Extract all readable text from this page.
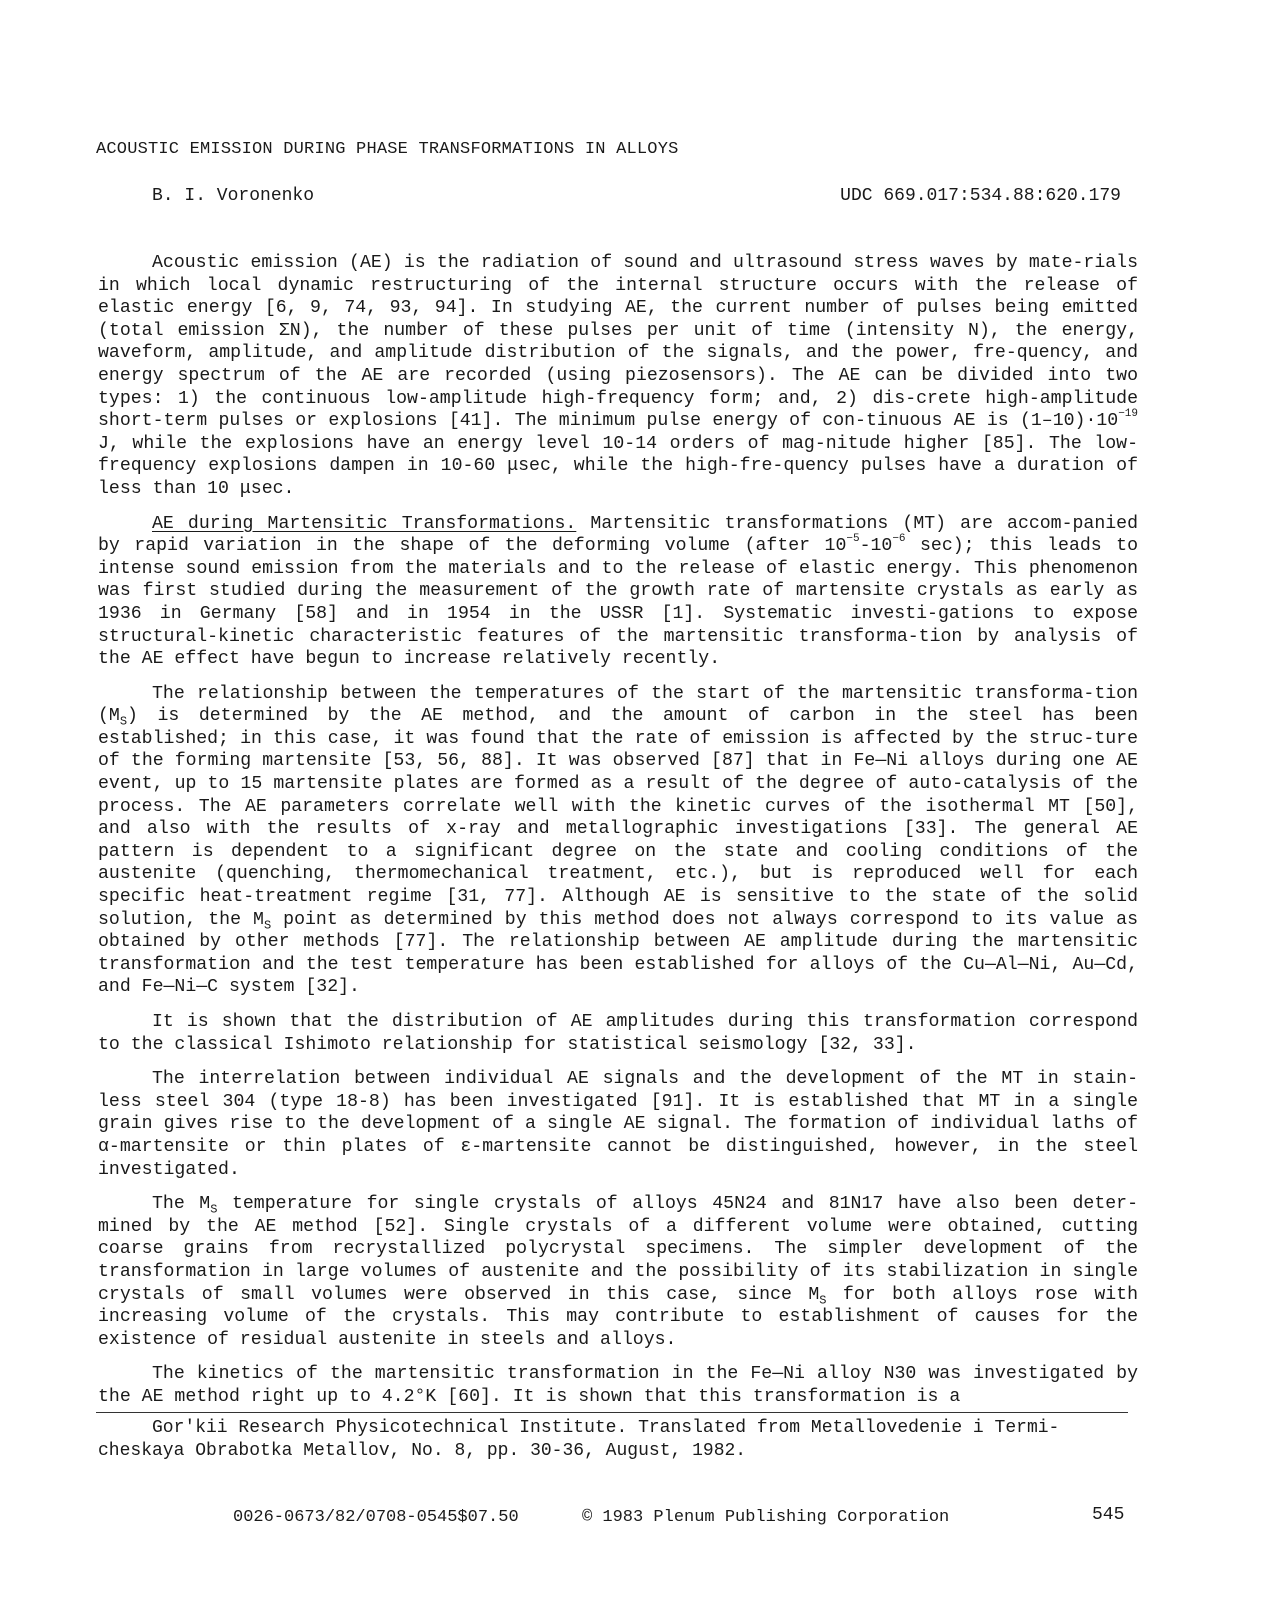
ACOUSTIC EMISSION DURING PHASE TRANSFORMATIONS IN ALLOYS
B. I. Voronenko	UDC 669.017:534.88:620.179

Acoustic emission (AE) is the radiation of sound and ultrasound stress waves by mate-rials in which local dynamic restructuring of the internal structure occurs with the release of elastic energy [6, 9, 74, 93, 94]. In studying AE, the current number of pulses being emitted (total emission ΣN), the number of these pulses per unit of time (intensity N), the energy, waveform, amplitude, and amplitude distribution of the signals, and the power, fre-quency, and energy spectrum of the AE are recorded (using piezosensors). The AE can be divided into two types: 1) the continuous low-amplitude high-frequency form; and, 2) dis-crete high-amplitude short-term pulses or explosions [41]. The minimum pulse energy of con-tinuous AE is $(1-10)\cdot 10^{-19}$ J, while the explosions have an energy level 10-14 orders of mag-nitude higher [85]. The low-frequency explosions dampen in 10-60 μsec, while the high-fre-quency pulses have a duration of less than 10 μsec.

AE during Martensitic Transformations. Martensitic transformations (MT) are accom-panied by rapid variation in the shape of the deforming volume (after $10^{-5}-10^{-6}$ sec); this leads to intense sound emission from the materials and to the release of elastic energy. This phenomenon was first studied during the measurement of the growth rate of martensite crystals as early as 1936 in Germany [58] and in 1954 in the USSR [1]. Systematic investi-gations to expose structural-kinetic characteristic features of the martensitic transforma-tion by analysis of the AE effect have begun to increase relatively recently.

The relationship between the temperatures of the start of the martensitic transforma-tion $(M_S)$ is determined by the AE method, and the amount of carbon in the steel has been established; in this case, it was found that the rate of emission is affected by the struc-ture of the forming martensite [53, 56, 88]. It was observed [87] that in Fe—Ni alloys during one AE event, up to 15 martensite plates are formed as a result of the degree of auto-catalysis of the process. The AE parameters correlate well with the kinetic curves of the isothermal MT [50], and also with the results of x-ray and metallographic investigations [33]. The general AE pattern is dependent to a significant degree on the state and cooling conditions of the austenite (quenching, thermomechanical treatment, etc.), but is reproduced well for each specific heat-treatment regime [31, 77]. Although AE is sensitive to the state of the solid solution, the $M_S$ point as determined by this method does not always correspond to its value as obtained by other methods [77]. The relationship between AE amplitude during the martensitic transformation and the test temperature has been established for alloys of the Cu—Al—Ni, Au—Cd, and Fe—Ni—C system [32].

It is shown that the distribution of AE amplitudes during this transformation correspond to the classical Ishimoto relationship for statistical seismology [32, 33].

The interrelation between individual AE signals and the development of the MT in stain-less steel 304 (type 18-8) has been investigated [91]. It is established that MT in a single grain gives rise to the development of a single AE signal. The formation of individual laths of α-martensite or thin plates of ε-martensite cannot be distinguished, however, in the steel investigated.

The $M_S$ temperature for single crystals of alloys 45N24 and 81N17 have also been deter-mined by the AE method [52]. Single crystals of a different volume were obtained, cutting coarse grains from recrystallized polycrystal specimens. The simpler development of the transformation in large volumes of austenite and the possibility of its stabilization in single crystals of small volumes were observed in this case, since $M_S$ for both alloys rose with increasing volume of the crystals. This may contribute to establishment of causes for the existence of residual austenite in steels and alloys.

The kinetics of the martensitic transformation in the Fe—Ni alloy N30 was investigated by the AE method right up to 4.2°K [60]. It is shown that this transformation is a

Gor'kii Research Physicotechnical Institute. Translated from Metallovedenie i Termi-cheskaya Obrabotka Metallov, No. 8, pp. 30-36, August, 1982.
0026-0673/82/0708-0545$07.50	© 1983 Plenum Publishing Corporation	545
